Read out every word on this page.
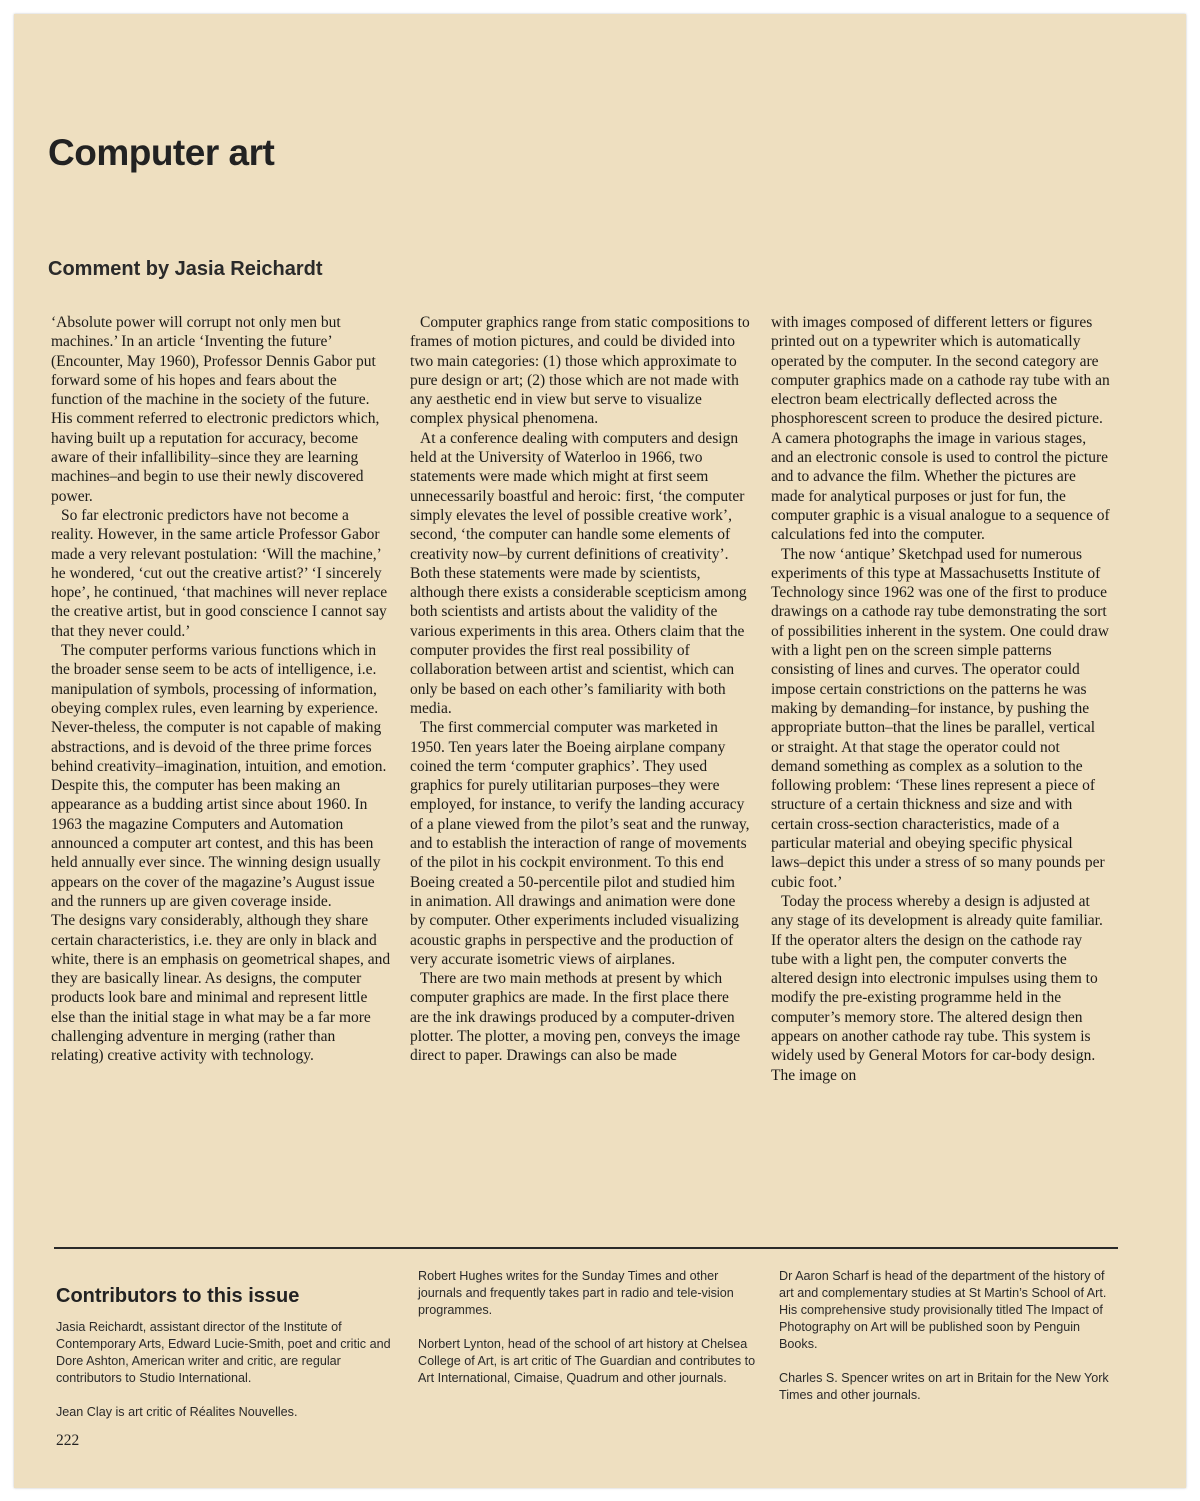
Computer art
Comment by Jasia Reichardt

‘Absolute power will corrupt not only men but machines.’ In an article ‘Inventing the future’ (Encounter, May 1960), Professor Dennis Gabor put forward some of his hopes and fears about the function of the machine in the society of the future. His comment referred to electronic predictors which, having built up a reputation for accuracy, become aware of their infallibility–since they are learning machines–and begin to use their newly discovered power.

So far electronic predictors have not become a reality. However, in the same article Professor Gabor made a very relevant postulation: ‘Will the machine,’ he wondered, ‘cut out the creative artist?’ ‘I sincerely hope’, he continued, ‘that machines will never replace the creative artist, but in good conscience I cannot say that they never could.’

The computer performs various functions which in the broader sense seem to be acts of intelligence, i.e. manipulation of symbols, processing of information, obeying complex rules, even learning by experience. Never-theless, the computer is not capable of making abstractions, and is devoid of the three prime forces behind creativity–imagination, intuition, and emotion. Despite this, the computer has been making an appearance as a budding artist since about 1960. In 1963 the magazine Computers and Automation announced a computer art contest, and this has been held annually ever since. The winning design usually appears on the cover of the magazine’s August issue and the runners up are given coverage inside.

The designs vary considerably, although they share certain characteristics, i.e. they are only in black and white, there is an emphasis on geometrical shapes, and they are basically linear. As designs, the computer products look bare and minimal and represent little else than the initial stage in what may be a far more challenging adventure in merging (rather than relating) creative activity with technology.

Computer graphics range from static compositions to frames of motion pictures, and could be divided into two main categories: (1) those which approximate to pure design or art; (2) those which are not made with any aesthetic end in view but serve to visualize complex physical phenomena.

At a conference dealing with computers and design held at the University of Waterloo in 1966, two statements were made which might at first seem unnecessarily boastful and heroic: first, ‘the computer simply elevates the level of possible creative work’, second, ‘the computer can handle some elements of creativity now–by current definitions of creativity’. Both these statements were made by scientists, although there exists a considerable scepticism among both scientists and artists about the validity of the various experiments in this area. Others claim that the computer provides the first real possibility of collaboration between artist and scientist, which can only be based on each other’s familiarity with both media.

The first commercial computer was marketed in 1950. Ten years later the Boeing airplane company coined the term ‘computer graphics’. They used graphics for purely utilitarian purposes–they were employed, for instance, to verify the landing accuracy of a plane viewed from the pilot’s seat and the runway, and to establish the interaction of range of movements of the pilot in his cockpit environment. To this end Boeing created a 50-percentile pilot and studied him in animation. All drawings and animation were done by computer. Other experiments included visualizing acoustic graphs in perspective and the production of very accurate isometric views of airplanes.

There are two main methods at present by which computer graphics are made. In the first place there are the ink drawings produced by a computer-driven plotter. The plotter, a moving pen, conveys the image direct to paper. Drawings can also be made

with images composed of different letters or figures printed out on a typewriter which is automatically operated by the computer. In the second category are computer graphics made on a cathode ray tube with an electron beam electrically deflected across the phosphorescent screen to produce the desired picture. A camera photographs the image in various stages, and an electronic console is used to control the picture and to advance the film. Whether the pictures are made for analytical purposes or just for fun, the computer graphic is a visual analogue to a sequence of calculations fed into the computer.

The now ‘antique’ Sketchpad used for numerous experiments of this type at Massachusetts Institute of Technology since 1962 was one of the first to produce drawings on a cathode ray tube demonstrating the sort of possibilities inherent in the system. One could draw with a light pen on the screen simple patterns consisting of lines and curves. The operator could impose certain constrictions on the patterns he was making by demanding–for instance, by pushing the appropriate button–that the lines be parallel, vertical or straight. At that stage the operator could not demand something as complex as a solution to the following problem: ‘These lines represent a piece of structure of a certain thickness and size and with certain cross-section characteristics, made of a particular material and obeying specific physical laws–depict this under a stress of so many pounds per cubic foot.’

Today the process whereby a design is adjusted at any stage of its development is already quite familiar. If the operator alters the design on the cathode ray tube with a light pen, the computer converts the altered design into electronic impulses using them to modify the pre-existing programme held in the computer’s memory store. The altered design then appears on another cathode ray tube. This system is widely used by General Motors for car-body design. The image on

Contributors to this issue

Jasia Reichardt, assistant director of the Institute of Contemporary Arts, Edward Lucie-Smith, poet and critic and Dore Ashton, American writer and critic, are regular contributors to Studio International.

Jean Clay is art critic of Réalites Nouvelles.

Robert Hughes writes for the Sunday Times and other journals and frequently takes part in radio and tele-vision programmes.

Norbert Lynton, head of the school of art history at Chelsea College of Art, is art critic of The Guardian and contributes to Art International, Cimaise, Quadrum and other journals.

Dr Aaron Scharf is head of the department of the history of art and complementary studies at St Martin’s School of Art. His comprehensive study provisionally titled The Impact of Photography on Art will be published soon by Penguin Books.

Charles S. Spencer writes on art in Britain for the New York Times and other journals.

222
